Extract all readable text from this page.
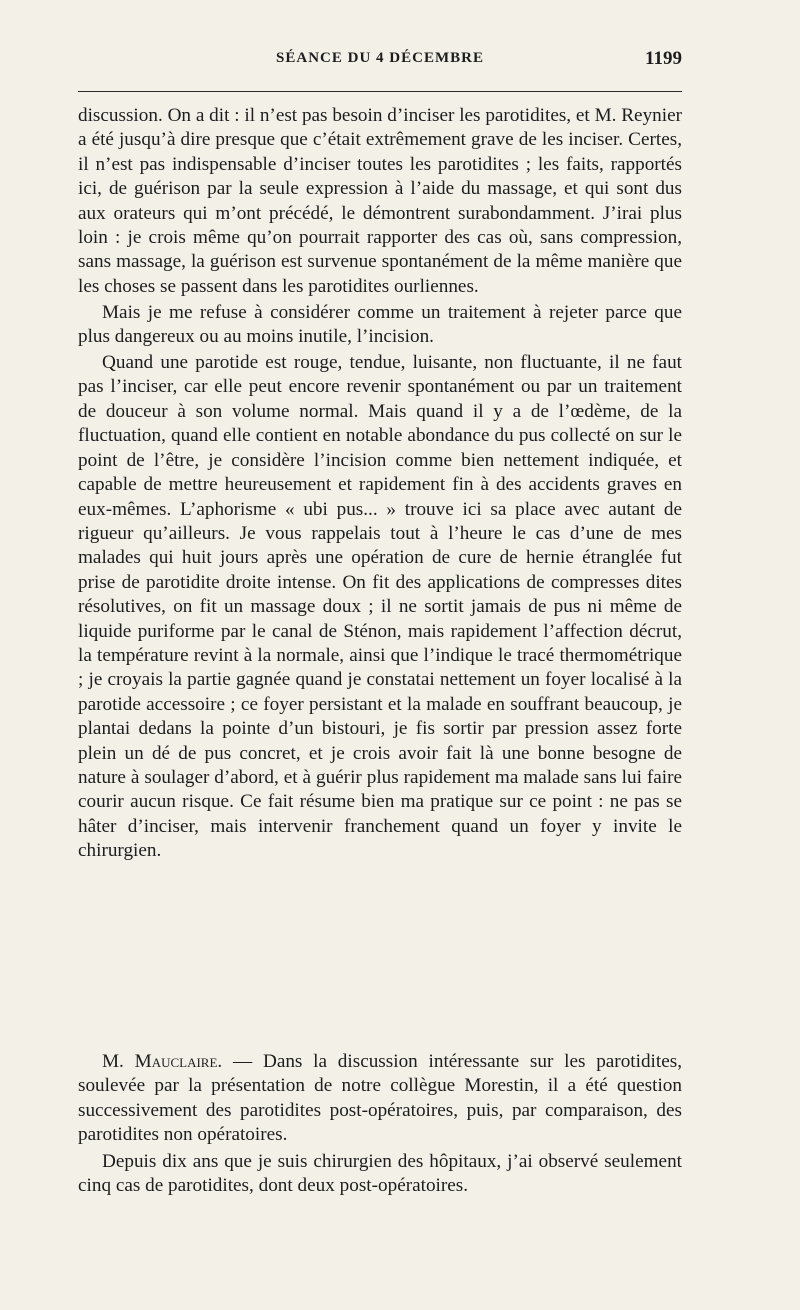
SÉANCE DU 4 DÉCEMBRE	1199

discussion. On a dit : il n’est pas besoin d’inciser les parotidites, et M. Reynier a été jusqu’à dire presque que c’était extrêmement grave de les inciser. Certes, il n’est pas indispensable d’inciser toutes les parotidites ; les faits, rapportés ici, de guérison par la seule expression à l’aide du massage, et qui sont dus aux orateurs qui m’ont précédé, le démontrent surabondamment. J’irai plus loin : je crois même qu’on pourrait rapporter des cas où, sans compression, sans massage, la guérison est survenue spontanément de la même manière que les choses se passent dans les parotidites ourliennes.

Mais je me refuse à considérer comme un traitement à rejeter parce que plus dangereux ou au moins inutile, l’incision.

Quand une parotide est rouge, tendue, luisante, non fluctuante, il ne faut pas l’inciser, car elle peut encore revenir spontanément ou par un traitement de douceur à son volume normal. Mais quand il y a de l’œdème, de la fluctuation, quand elle contient en notable abondance du pus collecté on sur le point de l’être, je considère l’incision comme bien nettement indiquée, et capable de mettre heureusement et rapidement fin à des accidents graves en eux-mêmes. L’aphorisme « ubi pus... » trouve ici sa place avec autant de rigueur qu’ailleurs. Je vous rappelais tout à l’heure le cas d’une de mes malades qui huit jours après une opération de cure de hernie étranglée fut prise de parotidite droite intense. On fit des applications de compresses dites résolutives, on fit un massage doux ; il ne sortit jamais de pus ni même de liquide puriforme par le canal de Sténon, mais rapidement l’affection décrut, la température revint à la normale, ainsi que l’indique le tracé thermométrique ; je croyais la partie gagnée quand je constatai nettement un foyer localisé à la parotide accessoire ; ce foyer persistant et la malade en souffrant beaucoup, je plantai dedans la pointe d’un bistouri, je fis sortir par pression assez forte plein un dé de pus concret, et je crois avoir fait là une bonne besogne de nature à soulager d’abord, et à guérir plus rapidement ma malade sans lui faire courir aucun risque. Ce fait résume bien ma pratique sur ce point : ne pas se hâter d’inciser, mais intervenir franchement quand un foyer y invite le chirurgien.

M. Mauclaire. — Dans la discussion intéressante sur les parotidites, soulevée par la présentation de notre collègue Morestin, il a été question successivement des parotidites post-opératoires, puis, par comparaison, des parotidites non opératoires.

Depuis dix ans que je suis chirurgien des hôpitaux, j’ai observé seulement cinq cas de parotidites, dont deux post-opératoires.
